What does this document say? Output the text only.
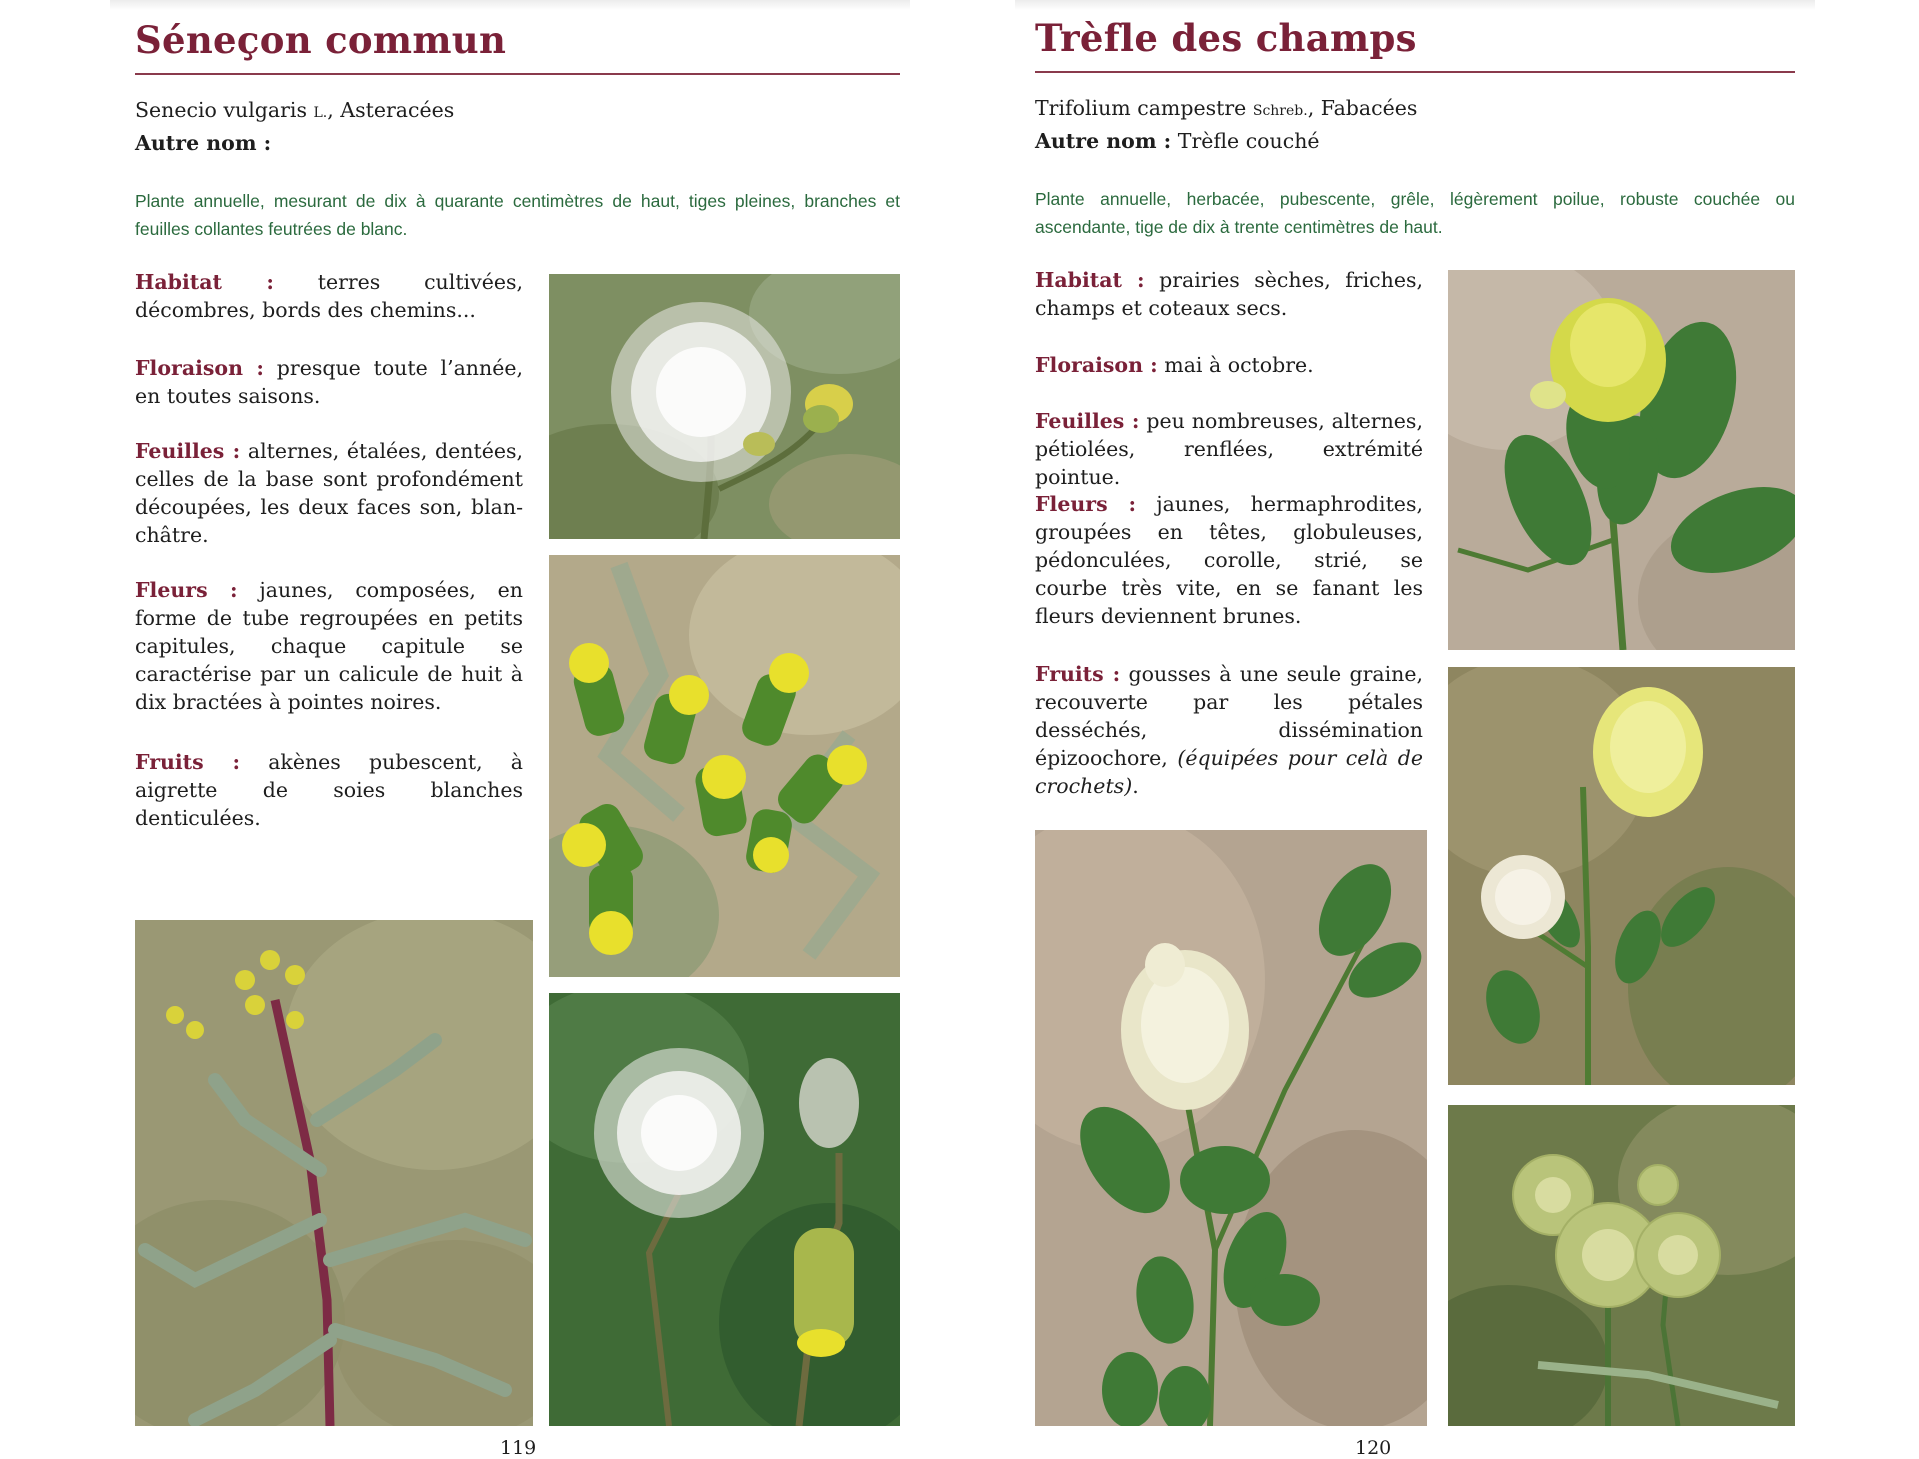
Séneçon commun
Senecio vulgaris L., Asteracées
Autre nom :

Plante annuelle, mesurant de dix à quarante centimètres de haut, tiges pleines, branches et feuilles collantes feutrées de blanc.

Habitat : terres cultivées, décombres, bords des chemins...

Floraison : presque toute l’année, en toutes saisons.

Feuilles : alternes, étalées, dentées, celles de la base sont profondément découpées, les deux faces son, blanchâtre.

Fleurs : jaunes, composées, en forme de tube regroupées en petits capitules, chaque capitule se caractérise par un calicule de huit à dix bractées à pointes noires.

Fruits : akènes pubescent, à aigrette de soies blanches denticulées.

119
Trèfle des champs
Trifolium campestre Schreb., Fabacées
Autre nom : Trèfle couché

Plante annuelle, herbacée, pubescente, grêle, légèrement poilue, robuste couchée ou ascendante, tige de dix à trente centimètres de haut.

Habitat : prairies sèches, friches, champs et coteaux secs.

Floraison : mai à octobre.

Feuilles : peu nombreuses, alternes, pétiolées, renflées, extrémité pointue.

Fleurs : jaunes, hermaphrodites, groupées en têtes, globuleuses, pédonculées, corolle, strié, se courbe très vite, en se fanant les fleurs deviennent brunes.

Fruits : gousses à une seule graine, recouverte par les pétales desséchés, dissémination épizoochore, (équipées pour celà de crochets).

120
